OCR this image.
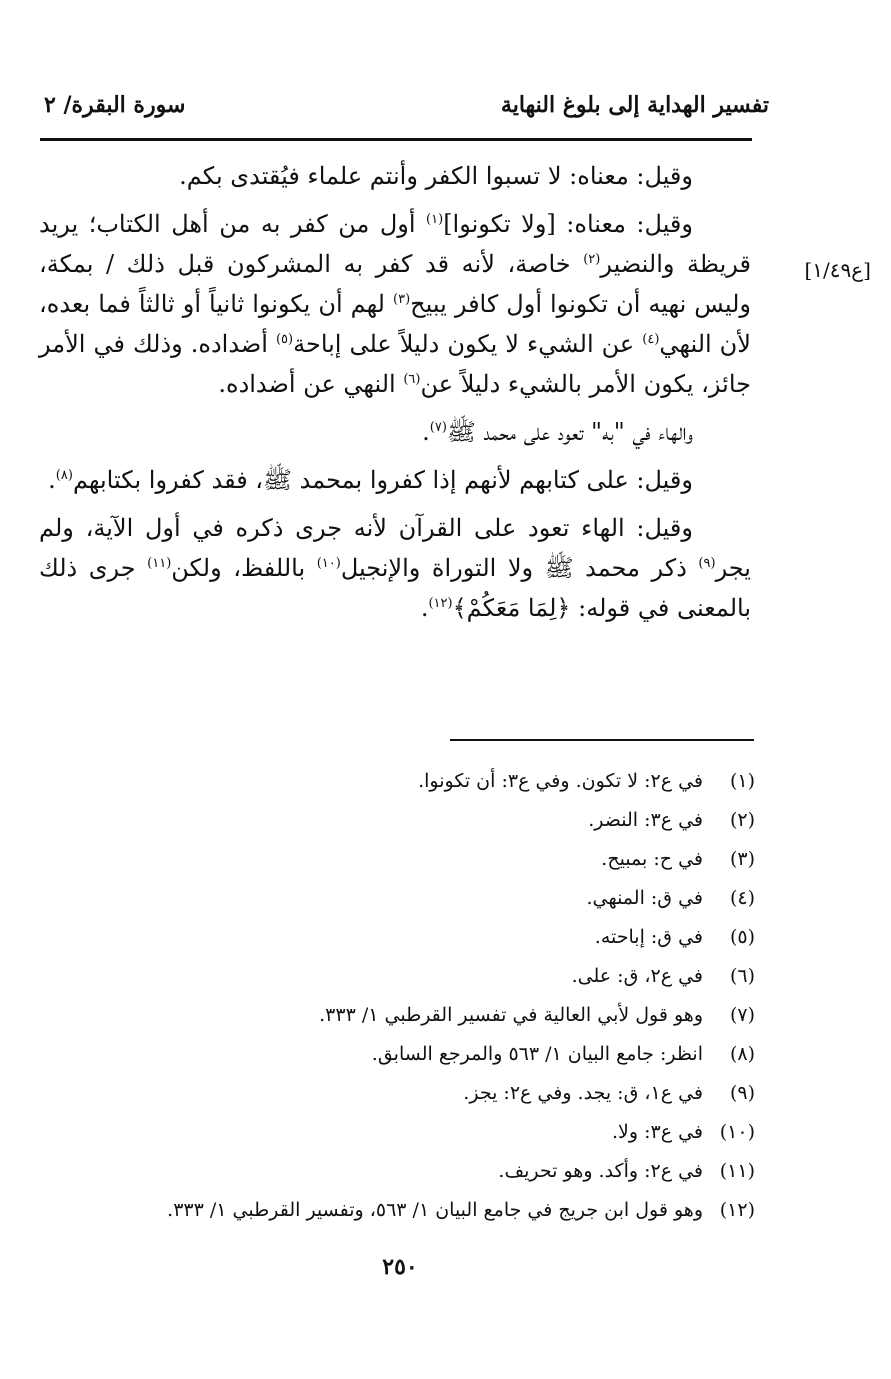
تفسير الهداية إلى بلوغ النهاية
سورة البقرة/ ٢
[ع١/٤٩]

وقيل: معناه: لا تسبوا الكفر وأنتم علماء فيُقتدى بكم.

وقيل: معناه: [ولا تكونوا]$^{(١)}$ أول من كفر به من أهل الكتاب؛ يريد قريظة والنضير$^{(٢)}$ خاصة، لأنه قد كفر به المشركون قبل ذلك / بمكة، وليس نهيه أن تكونوا أول كافر يبيح$^{(٣)}$ لهم أن يكونوا ثانياً أو ثالثاً فما بعده، لأن النهي$^{(٤)}$ عن الشيء لا يكون دليلاً على إباحة$^{(٥)}$ أضداده. وذلك في الأمر جائز، يكون الأمر بالشيء دليلاً عن$^{(٦)}$ النهي عن أضداده.

والهاء في "به" تعود على محمد ﷺ$^{(٧)}$.

وقيل: على كتابهم لأنهم إذا كفروا بمحمد ﷺ، فقد كفروا بكتابهم$^{(٨)}$.

وقيل: الهاء تعود على القرآن لأنه جرى ذكره في أول الآية، ولم يجر$^{(٩)}$ ذكر محمد ﷺ ولا التوراة والإنجيل$^{(١٠)}$ باللفظ، ولكن$^{(١١)}$ جرى ذلك بالمعنى في قوله: ﴿لِمَا مَعَكُمْ﴾$^{(١٢)}$.

(١)في ع٢: لا تكون. وفي ع٣: أن تكونوا.
(٢)في ع٣: النضر.
(٣)في ح: بمبيح.
(٤)في ق: المنهي.
(٥)في ق: إباحته.
(٦)في ع٢، ق: على.
(٧)وهو قول لأبي العالية في تفسير القرطبي ١/ ٣٣٣.
(٨)انظر: جامع البيان ١/ ٥٦٣ والمرجع السابق.
(٩)في ع١، ق: يجد. وفي ع٢: يجز.
(١٠)في ع٣: ولا.
(١١)في ع٢: وأكد. وهو تحريف.
(١٢)وهو قول ابن جريج في جامع البيان ١/ ٥٦٣، وتفسير القرطبي ١/ ٣٣٣.
٢٥٠
